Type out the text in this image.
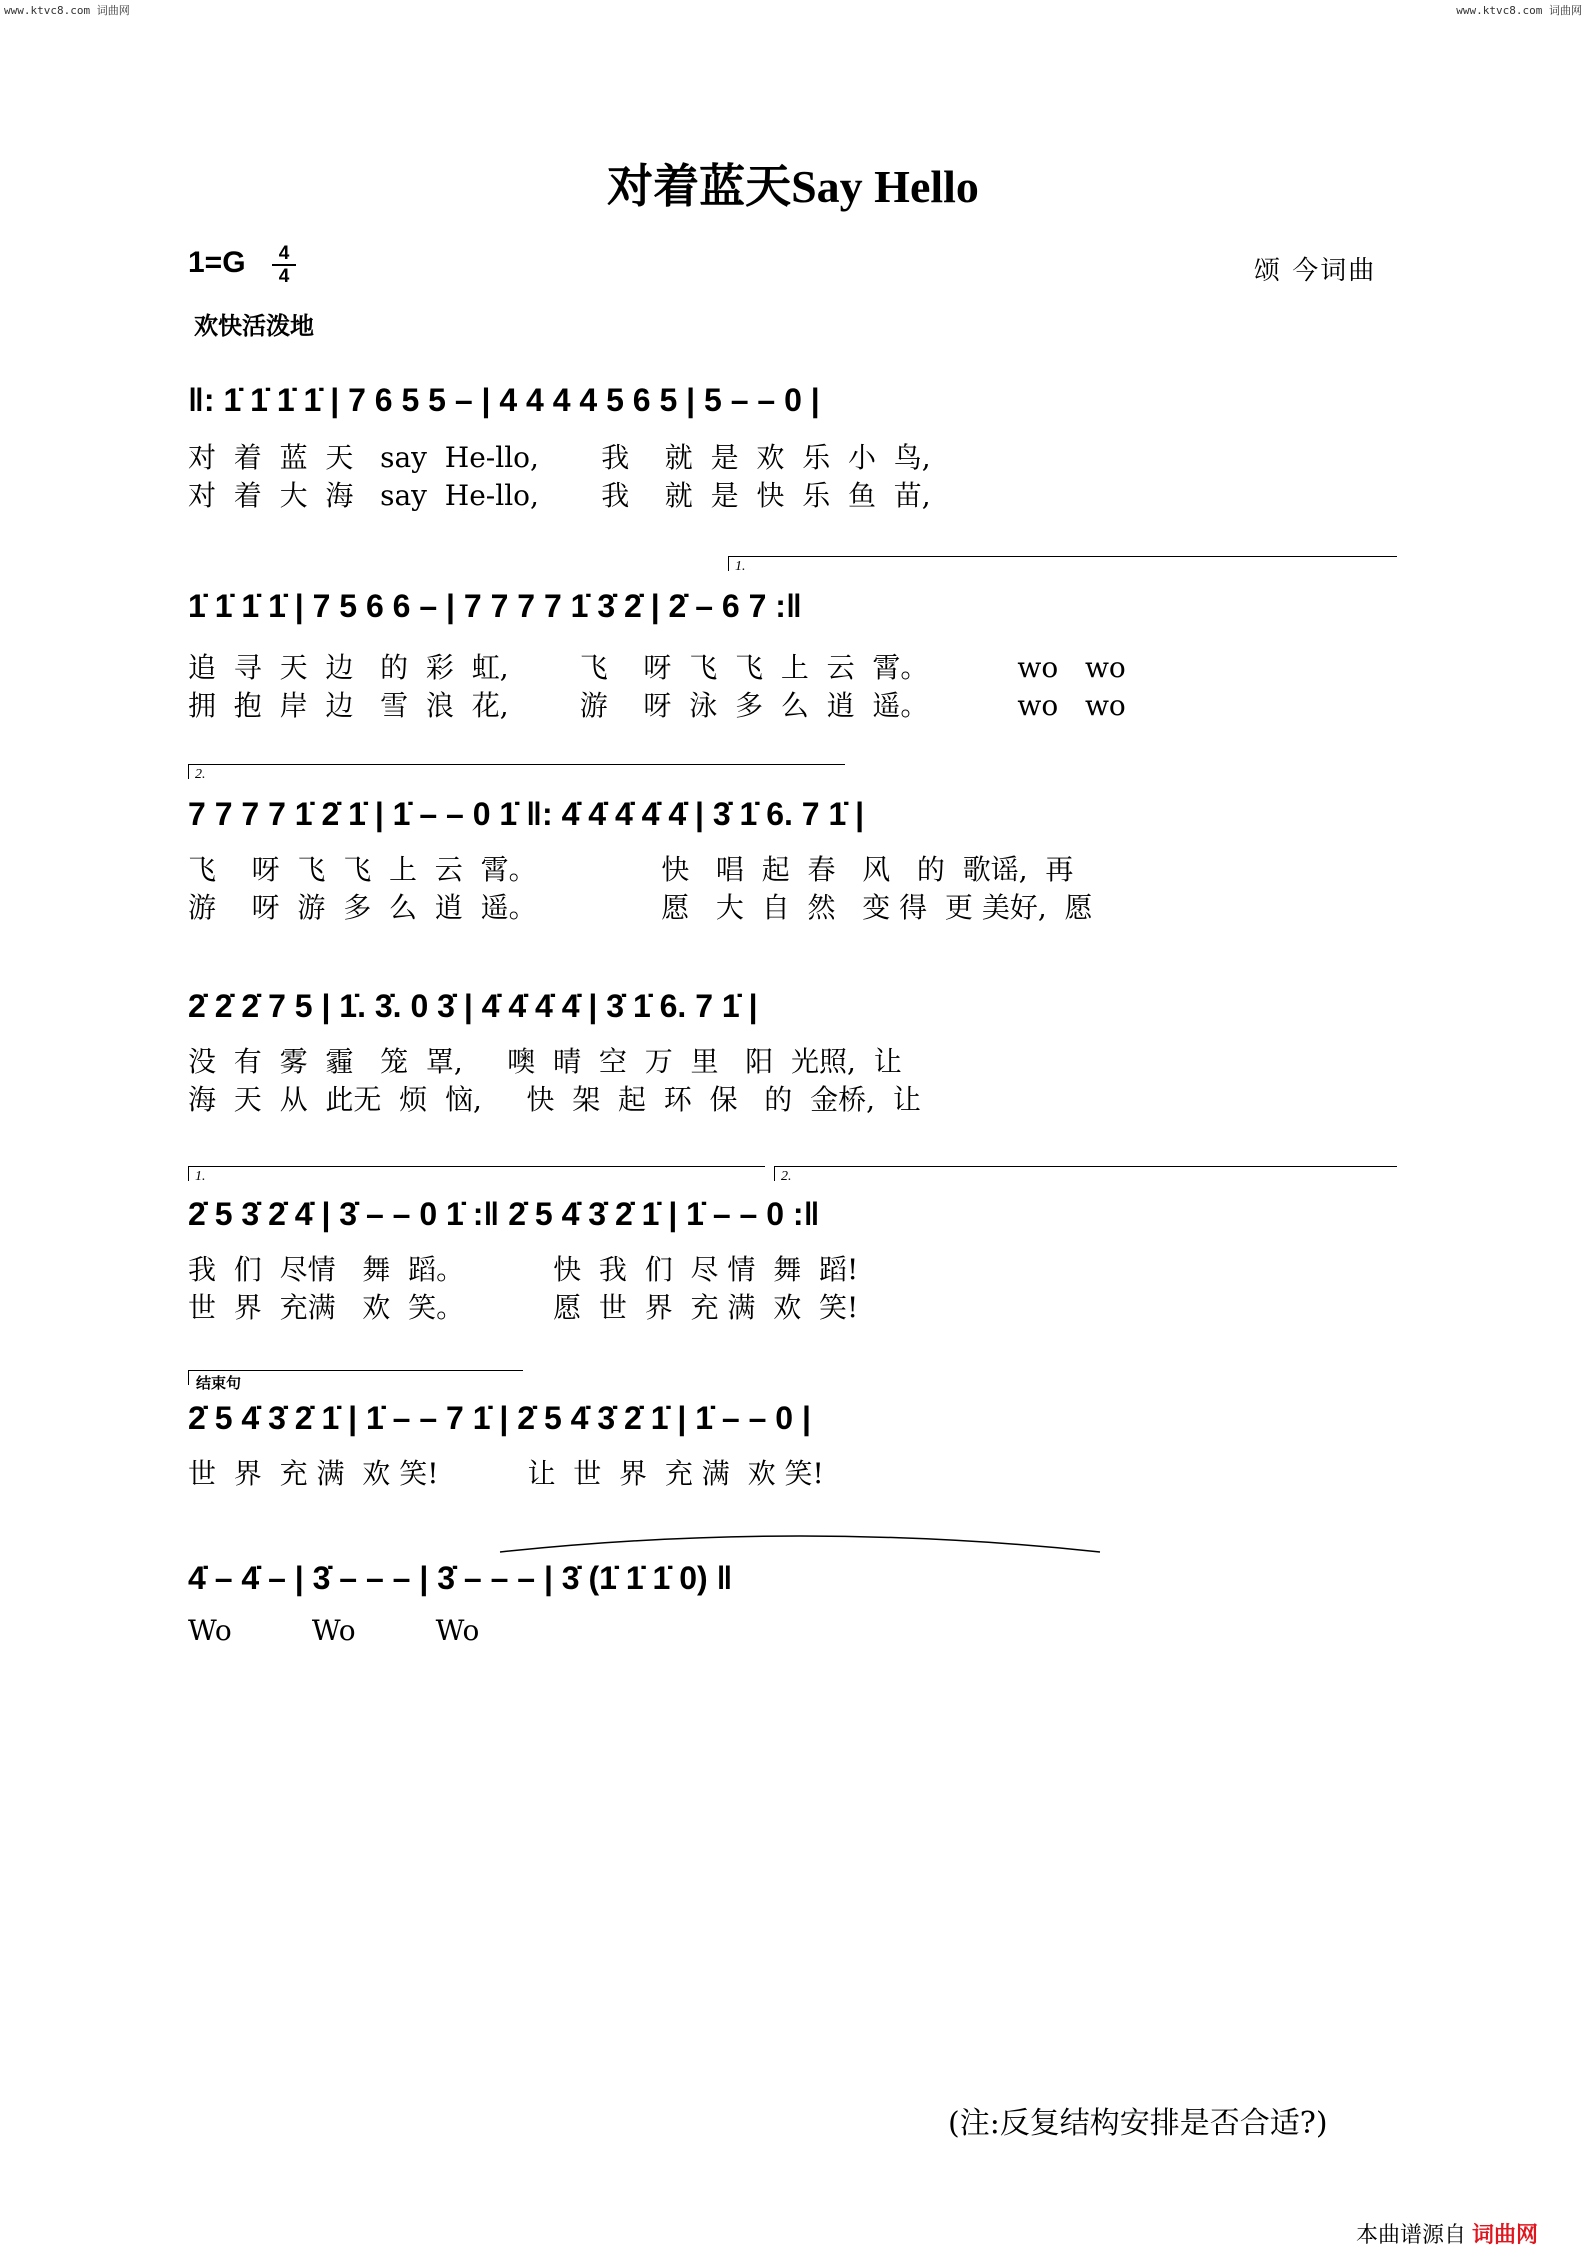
www.ktvc8.com 词曲网	www.ktvc8.com 词曲网
对着蓝天Say Hello
1=G	4
4
欢快活泼地
颂 今词曲
‖: 1̇ 1̇ 1̇ 1̇ | 7 6 5 5 – | 4 4 4 4 5 6 5 | 5 – – 0 |
对  着  蓝  天   say  He-llo,       我    就  是  欢  乐  小  鸟,
对  着  大  海   say  He-llo,       我    就  是  快  乐  鱼  苗,
1.
1̇ 1̇ 1̇ 1̇ | 7 5 6 6 – | 7 7 7 7 1̇ 3̇ 2̇ | 2̇ – 6 7 :‖
追  寻  天  边   的  彩  虹,        飞    呀  飞  飞  上  云  霄。          wo   wo
拥  抱  岸  边   雪  浪  花,        游    呀  泳  多  么  逍  遥。          wo   wo
2.
7 7 7 7 1̇ 2̇ 1̇ | 1̇ – – 0 1̇ ‖: 4̇ 4̇ 4̇ 4̇ 4̇ | 3̇ 1̇ 6. 7 1̇ |
飞    呀  飞  飞  上  云  霄。              快   唱  起  春   风   的  歌谣,  再
游    呀  游  多  么  逍  遥。              愿   大  自  然   变 得  更 美好,  愿
2̇ 2̇ 2̇ 7 5 | 1̇. 3̇. 0 3̇ | 4̇ 4̇ 4̇ 4̇ | 3̇ 1̇ 6. 7 1̇ |
没  有  雾  霾   笼  罩,     噢  晴  空  万  里   阳  光照,  让
海  天  从  此无  烦  恼,     快  架  起  环  保   的  金桥,  让
1.	2.
2̇ 5 3̇ 2̇ 4̇ | 3̇ – – 0 1̇ :‖ 2̇ 5 4̇ 3̇ 2̇ 1̇ | 1̇ – – 0 :‖
我  们  尽情   舞  蹈。          快  我  们  尽 情  舞  蹈!
世  界  充满   欢  笑。          愿  世  界  充 满  欢  笑!
结束句
2̇ 5 4̇ 3̇ 2̇ 1̇ | 1̇ – – 7 1̇ | 2̇ 5 4̇ 3̇ 2̇ 1̇ | 1̇ – – 0 |
世  界  充 满  欢 笑!          让  世  界  充 满  欢 笑!
4̇ – 4̇ – | 3̇ – – – | 3̇ – – – | 3̇ (1̇ 1̇ 1̇ 0) ‖
Wo         Wo         Wo
(注:反复结构安排是否合适?)
本曲谱源自 词曲网
